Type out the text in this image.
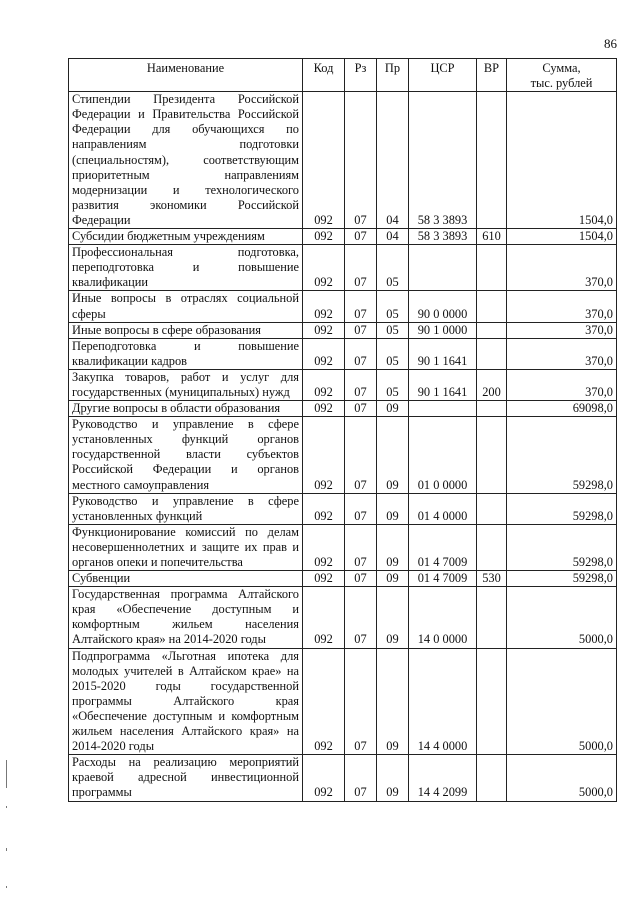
86
Наименование	Код	Рз	Пр	ЦСР	ВР	Сумма,
тыс. рублей

Стипендии Президента Российской Федерации и Правительства Российской Федерации для обучающихся по направлениям подготовки (специальностям), соответствующим приоритетным направлениям модернизации и технологического развития экономики Российской Федерации	092	07	04	58 3 3893		1504,0
Субсидии бюджетным учреждениям	092	07	04	58 3 3893	610	1504,0
Профессиональная подготовка, переподготовка и повышение квалификации	092	07	05			370,0
Иные вопросы в отраслях социальной сферы	092	07	05	90 0 0000		370,0
Иные вопросы в сфере образования	092	07	05	90 1 0000		370,0
Переподготовка и повышение квалификации кадров	092	07	05	90 1 1641		370,0
Закупка товаров, работ и услуг для государственных (муниципальных) нужд	092	07	05	90 1 1641	200	370,0
Другие вопросы в области образования	092	07	09			69098,0
Руководство и управление в сфере установленных функций органов государственной власти субъектов Российской Федерации и органов местного самоуправления	092	07	09	01 0 0000		59298,0
Руководство и управление в сфере установленных функций	092	07	09	01 4 0000		59298,0
Функционирование комиссий по делам несовершеннолетних и защите их прав и органов опеки и попечительства	092	07	09	01 4 7009		59298,0
Субвенции	092	07	09	01 4 7009	530	59298,0
Государственная программа Алтайского края «Обеспечение доступным и комфортным жильем населения Алтайского края» на 2014-2020 годы	092	07	09	14 0 0000		5000,0
Подпрограмма «Льготная ипотека для молодых учителей в Алтайском крае» на 2015-2020 годы государственной программы Алтайского края «Обеспечение доступным и комфортным жильем населения Алтайского края» на 2014-2020 годы	092	07	09	14 4 0000		5000,0
Расходы на реализацию мероприятий краевой адресной инвестиционной программы	092	07	09	14 4 2099		5000,0
